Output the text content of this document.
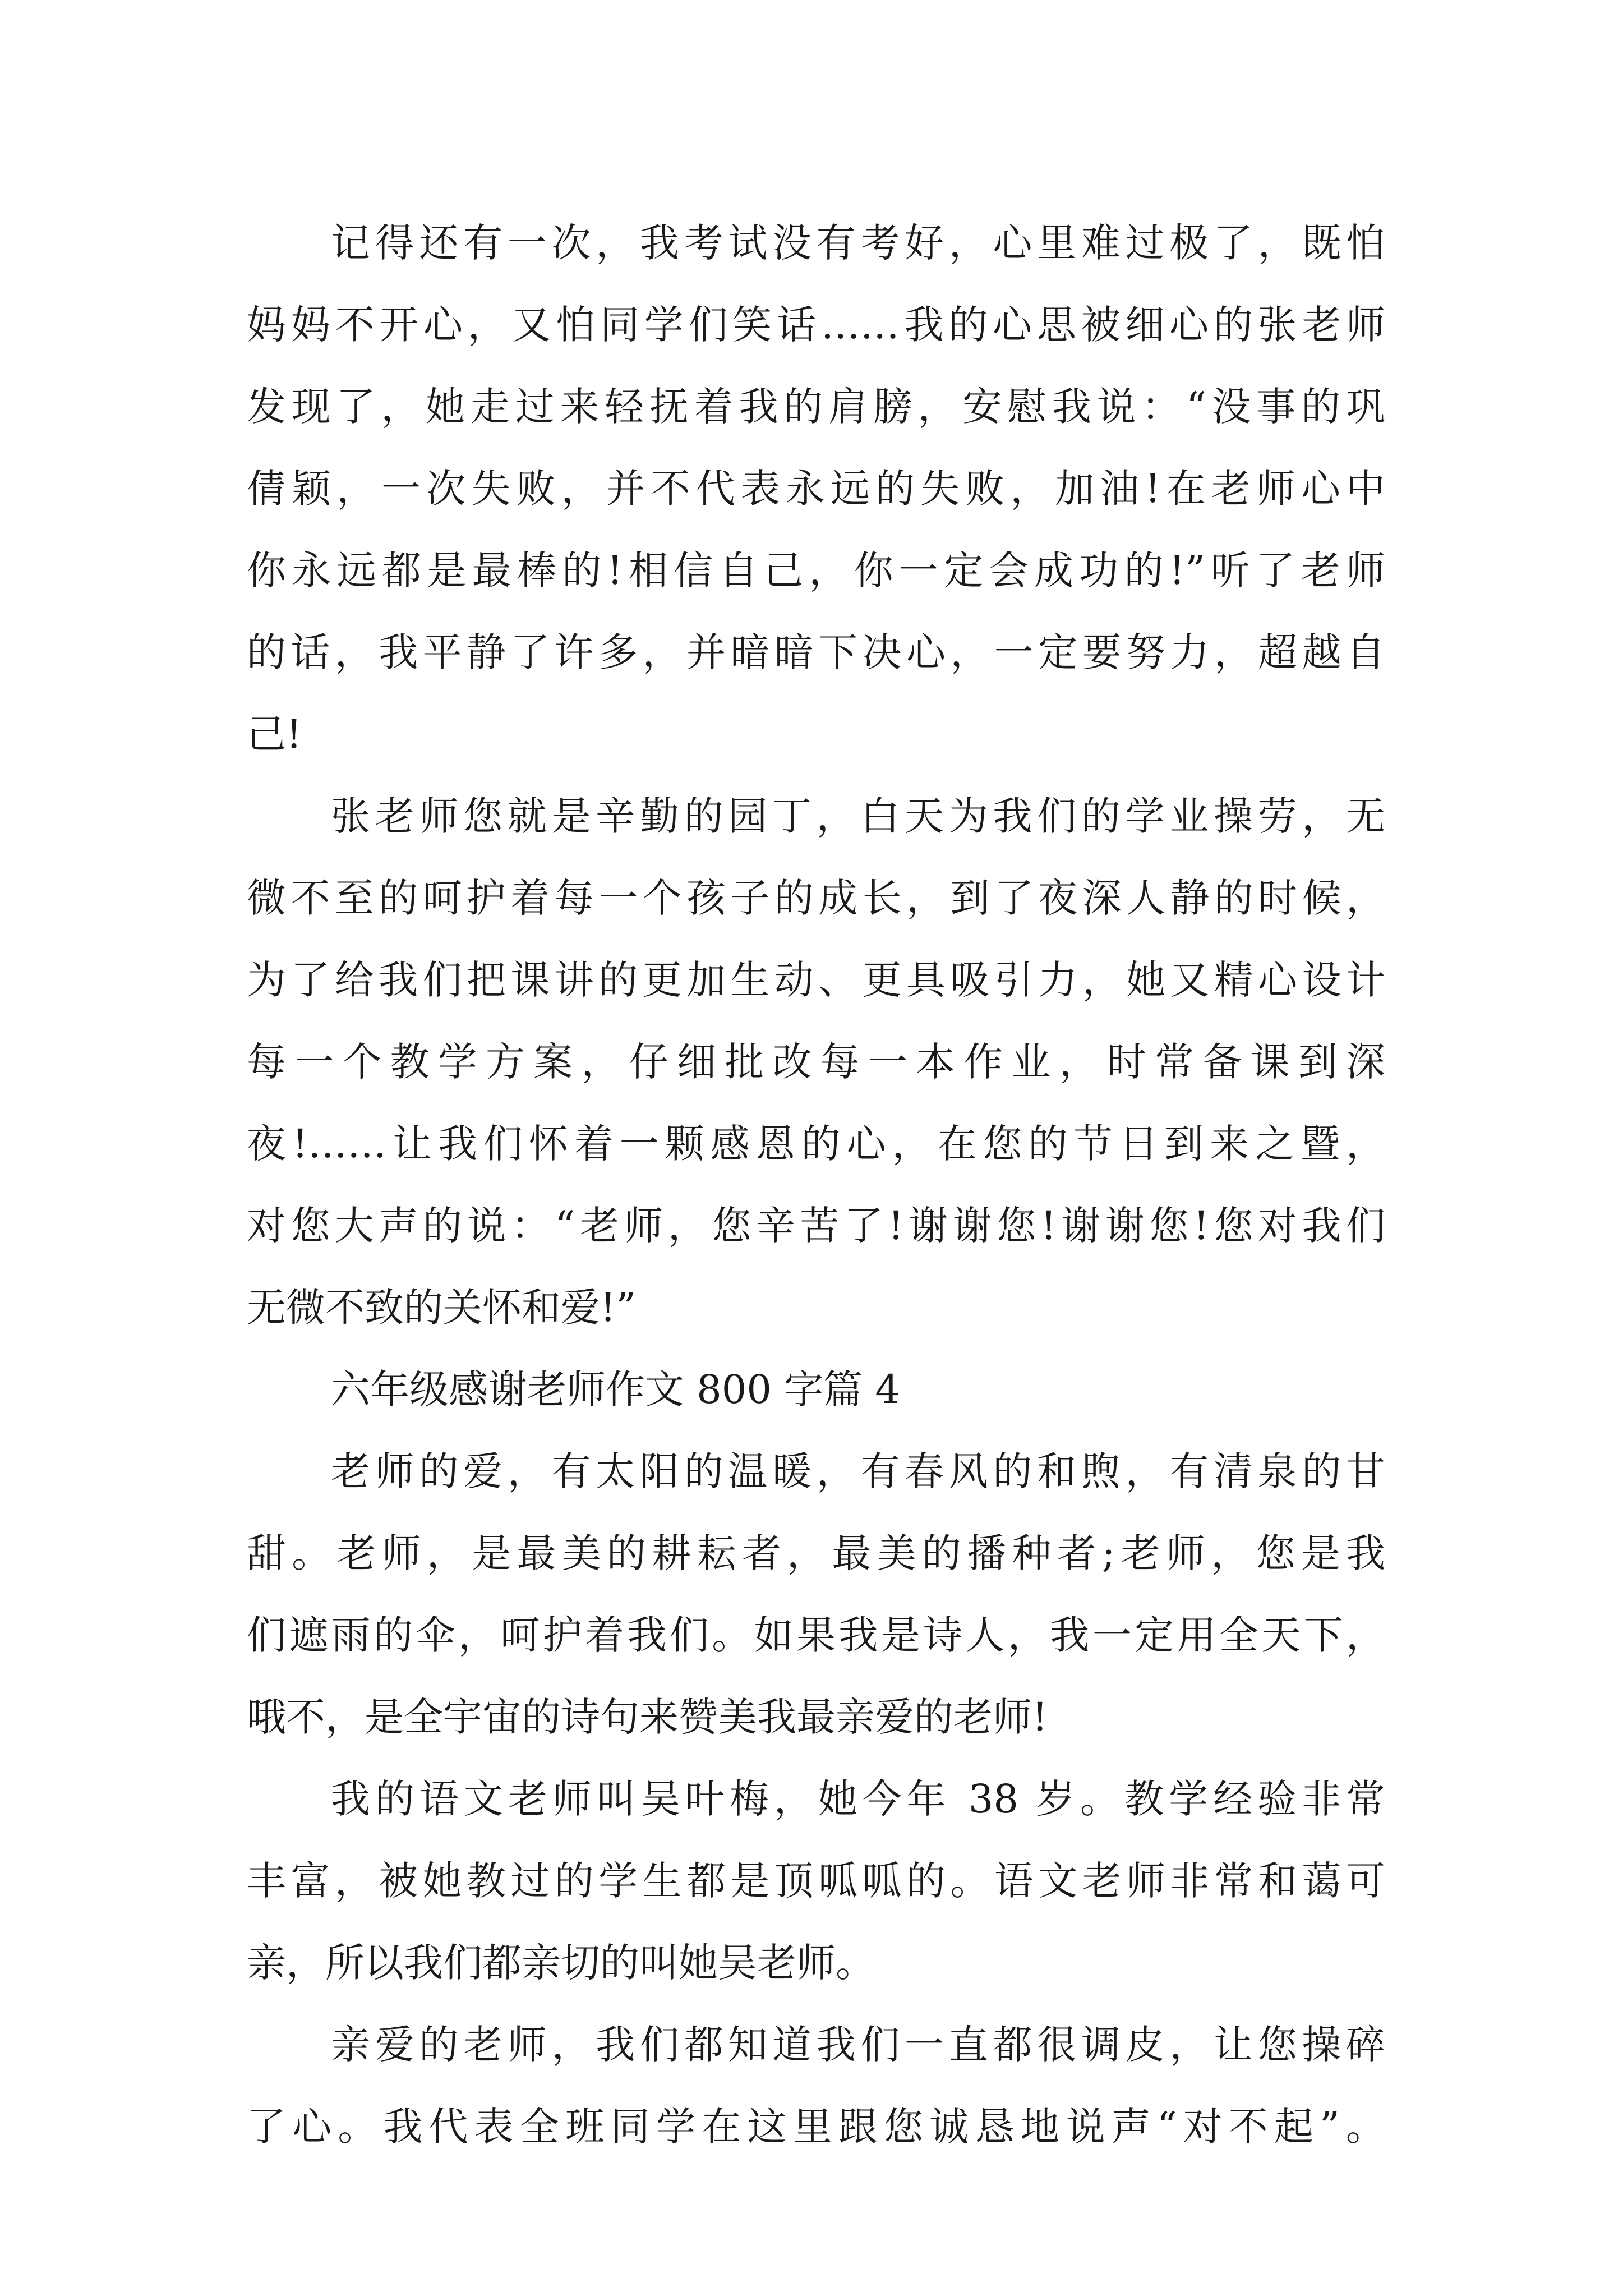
记得还有一次，我考试没有考好，心里难过极了，既怕
妈妈不开心，又怕同学们笑话……我的心思被细心的张老师
发现了，她走过来轻抚着我的肩膀，安慰我说：“没事的巩
倩颖，一次失败，并不代表永远的失败，加油!在老师心中
你永远都是最棒的!相信自己，你一定会成功的!”听了老师
的话，我平静了许多，并暗暗下决心，一定要努力，超越自
己!
张老师您就是辛勤的园丁，白天为我们的学业操劳，无
微不至的呵护着每一个孩子的成长，到了夜深人静的时候，
为了给我们把课讲的更加生动、更具吸引力，她又精心设计
每一个教学方案，仔细批改每一本作业，时常备课到深
夜!……让我们怀着一颗感恩的心，在您的节日到来之暨，
对您大声的说：“老师，您辛苦了!谢谢您!谢谢您!您对我们
无微不致的关怀和爱!”
六年级感谢老师作文 800 字篇 4
老师的爱，有太阳的温暖，有春风的和煦，有清泉的甘
甜。老师，是最美的耕耘者，最美的播种者;老师，您是我
们遮雨的伞，呵护着我们。如果我是诗人，我一定用全天下，
哦不，是全宇宙的诗句来赞美我最亲爱的老师!
我的语文老师叫吴叶梅，她今年 38 岁。教学经验非常
丰富，被她教过的学生都是顶呱呱的。语文老师非常和蔼可
亲，所以我们都亲切的叫她吴老师。
亲爱的老师，我们都知道我们一直都很调皮，让您操碎
了心。我代表全班同学在这里跟您诚恳地说声“对不起”。
